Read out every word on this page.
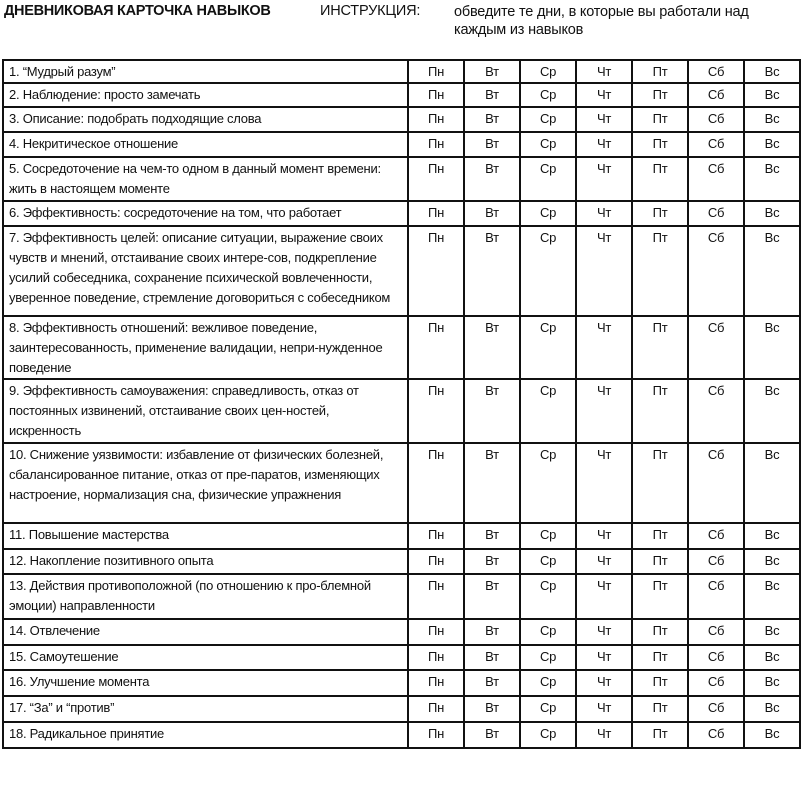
ДНЕВНИКОВАЯ КАРТОЧКА НАВЫКОВ	ИНСТРУКЦИЯ: обведите те дни, в которые вы работали над каждым из навыков
1. “Мудрый разум”	Пн	Вт	Ср	Чт	Пт	Сб	Вс
2. Наблюдение: просто замечать	Пн	Вт	Ср	Чт	Пт	Сб	Вс
3. Описание: подобрать подходящие слова	Пн	Вт	Ср	Чт	Пт	Сб	Вс
4. Некритическое отношение	Пн	Вт	Ср	Чт	Пт	Сб	Вс
5. Сосредоточение на чем-то одном в данный момент времени: жить в настоящем моменте	Пн	Вт	Ср	Чт	Пт	Сб	Вс
6. Эффективность: сосредоточение на том, что работает	Пн	Вт	Ср	Чт	Пт	Сб	Вс
7. Эффективность целей: описание ситуации, выражение своих чувств и мнений, отстаивание своих интере-сов, подкрепление усилий собеседника, сохранение психической вовлеченности, уверенное поведение, стремление договориться с собеседником	Пн	Вт	Ср	Чт	Пт	Сб	Вс
8. Эффективность отношений: вежливое поведение, заинтересованность, применение валидации, непри-нужденное поведение	Пн	Вт	Ср	Чт	Пт	Сб	Вс
9. Эффективность самоуважения: справедливость, отказ от постоянных извинений, отстаивание своих цен-ностей, искренность	Пн	Вт	Ср	Чт	Пт	Сб	Вс
10. Снижение уязвимости: избавление от физических болезней, сбалансированное питание, отказ от пре-паратов, изменяющих настроение, нормализация сна, физические упражнения	Пн	Вт	Ср	Чт	Пт	Сб	Вс
11. Повышение мастерства	Пн	Вт	Ср	Чт	Пт	Сб	Вс
12. Накопление позитивного опыта	Пн	Вт	Ср	Чт	Пт	Сб	Вс
13. Действия противоположной (по отношению к про-блемной эмоции) направленности	Пн	Вт	Ср	Чт	Пт	Сб	Вс
14. Отвлечение	Пн	Вт	Ср	Чт	Пт	Сб	Вс
15. Самоутешение	Пн	Вт	Ср	Чт	Пт	Сб	Вс
16. Улучшение момента	Пн	Вт	Ср	Чт	Пт	Сб	Вс
17. “За” и “против”	Пн	Вт	Ср	Чт	Пт	Сб	Вс
18. Радикальное принятие	Пн	Вт	Ср	Чт	Пт	Сб	Вс
